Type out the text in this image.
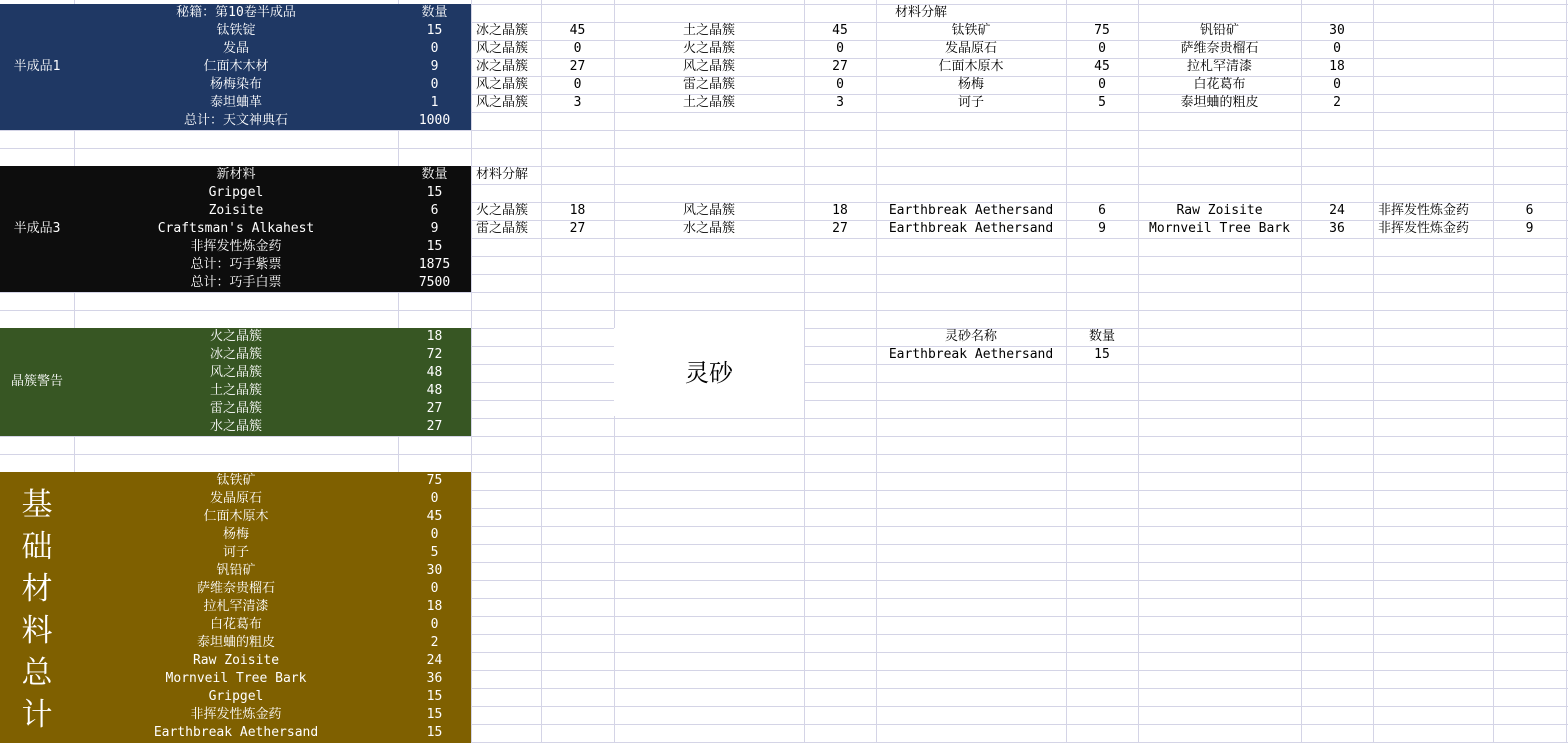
半成品1
秘籍：第10卷半成品	数量
钛铁锭	15
发晶	0
仁面木木材	9
杨梅染布	0
泰坦蛐革	1
总计：天文神典石	1000
半成品3
新材料	数量
Gripgel	15
Zoisite	6
Craftsman's Alkahest	9
非挥发性炼金药	15
总计：巧手紫票	1875
总计：巧手白票	7500
晶簇警告
火之晶簇	18
冰之晶簇	72
风之晶簇	48
土之晶簇	48
雷之晶簇	27
水之晶簇	27
基
础
材
料
总
计
钛铁矿	75
发晶原石	0
仁面木原木	45
杨梅	0
诃子	5
钒铅矿	30
萨维奈贵榴石	0
拉札罕清漆	18
白花葛布	0
泰坦蛐的粗皮	2
Raw Zoisite	24
Mornveil Tree Bark	36
Gripgel	15
非挥发性炼金药	15
Earthbreak Aethersand	15
材料分解
冰之晶簇	45	土之晶簇	45	钛铁矿	75	钒铅矿	30
风之晶簇	0	火之晶簇	0	发晶原石	0	萨维奈贵榴石	0
冰之晶簇	27	风之晶簇	27	仁面木原木	45	拉札罕清漆	18
风之晶簇	0	雷之晶簇	0	杨梅	0	白花葛布	0
风之晶簇	3	土之晶簇	3	诃子	5	泰坦蛐的粗皮	2
材料分解
火之晶簇	18	风之晶簇	18	Earthbreak Aethersand	6	Raw Zoisite	24	非挥发性炼金药	6
雷之晶簇	27	水之晶簇	27	Earthbreak Aethersand	9	Mornveil Tree Bark	36	非挥发性炼金药	9
灵砂
灵砂名称	数量
Earthbreak Aethersand	15
